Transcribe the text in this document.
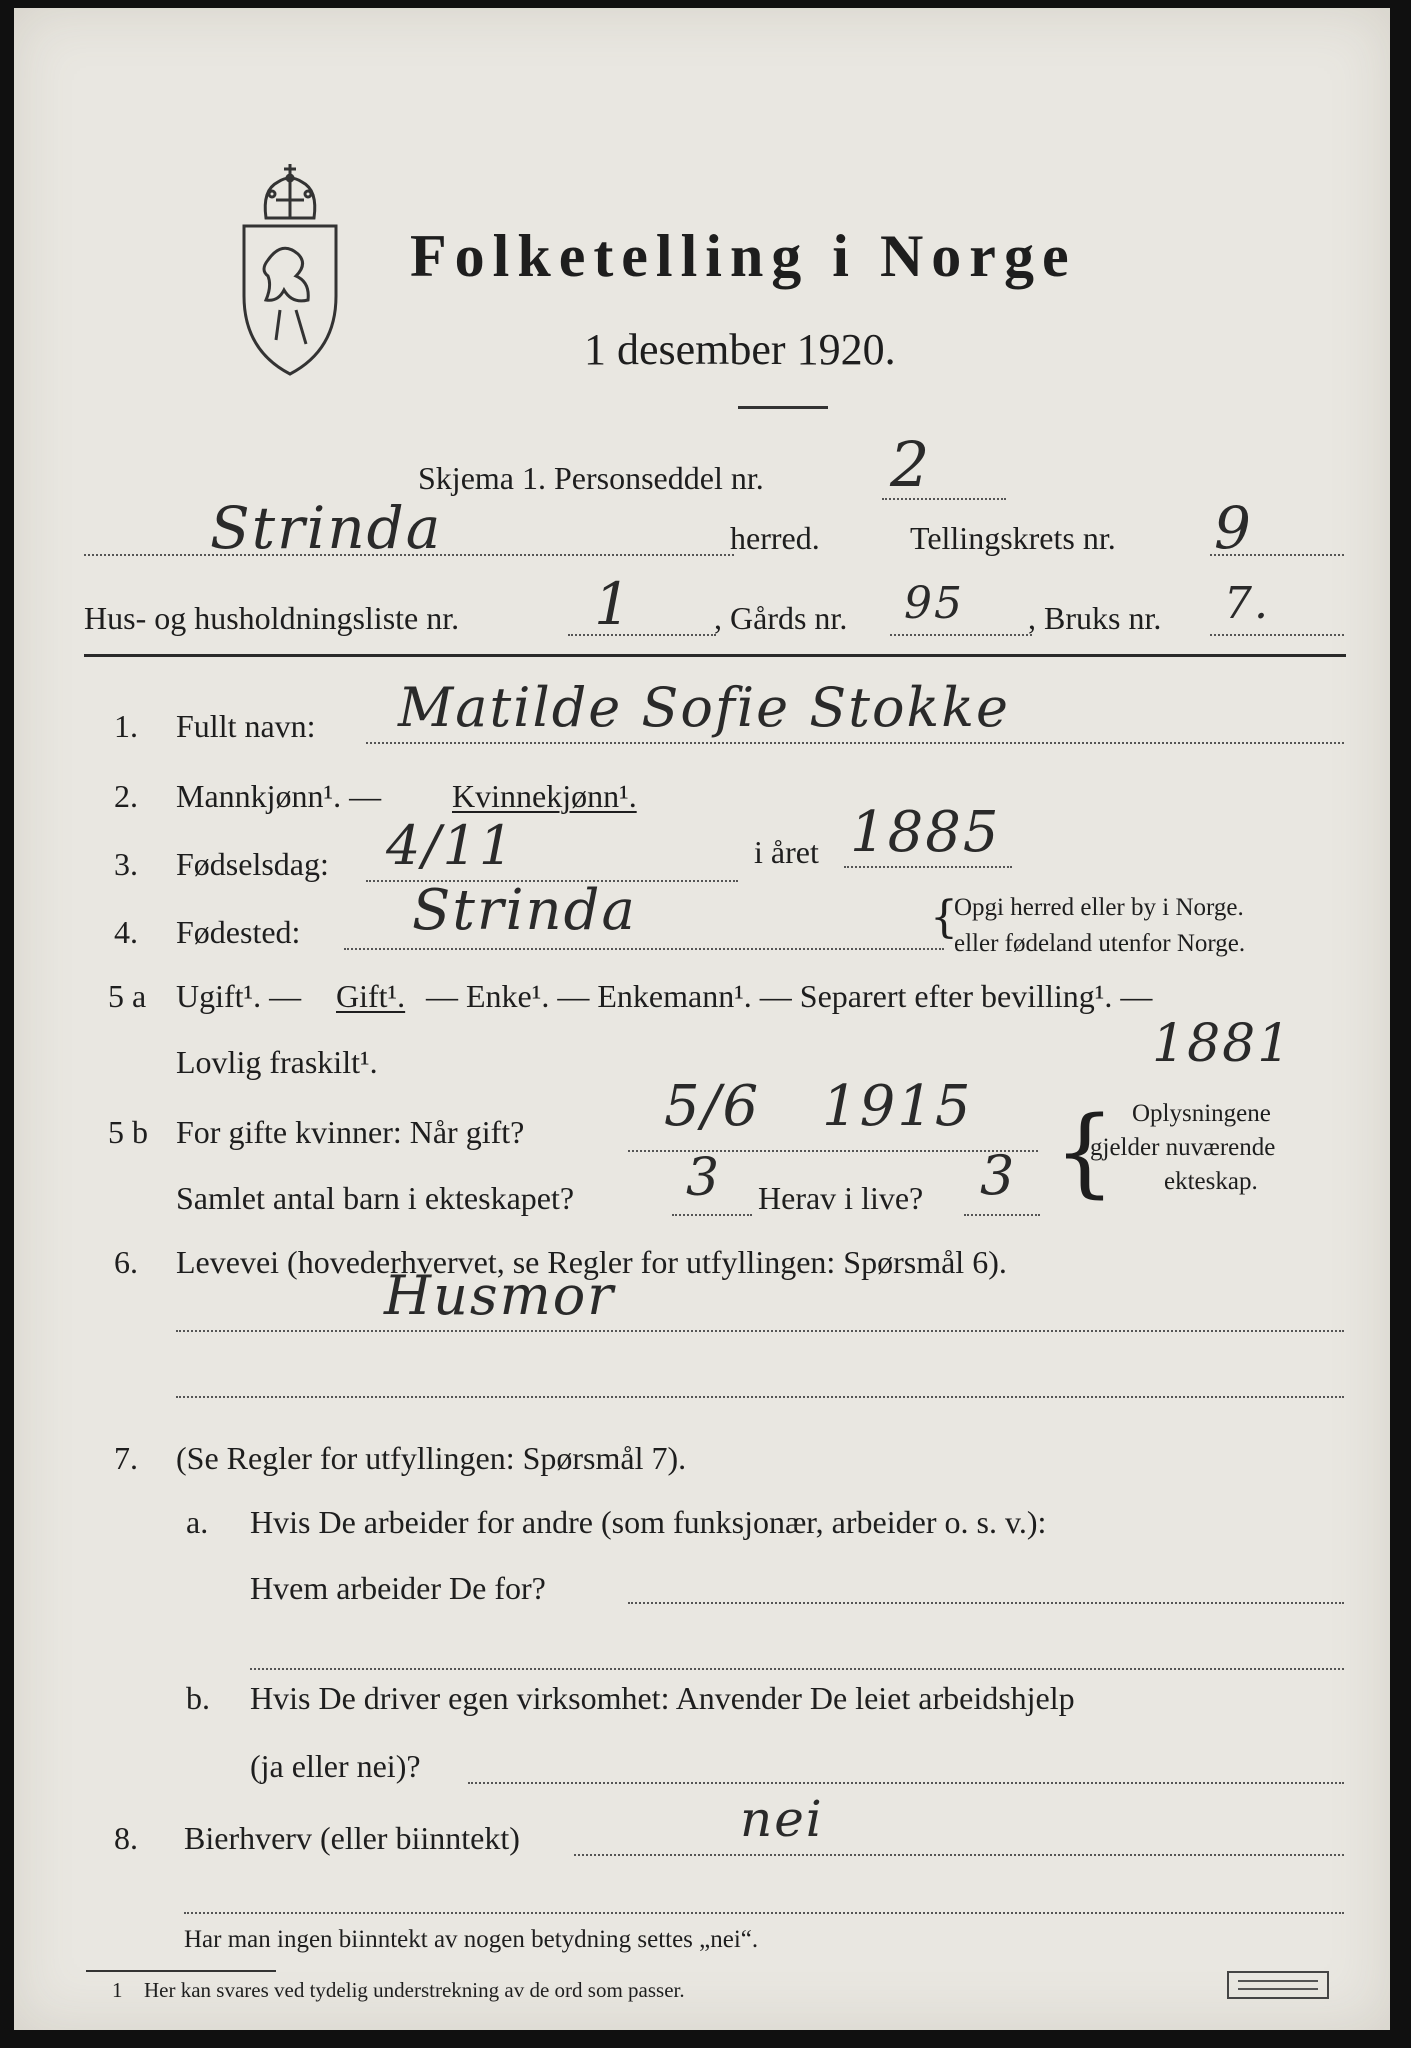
Folketelling i Norge
1 desember 1920.
Skjema 1. Personseddel nr. 2
Strinda	herred.	Tellingskrets nr. 9
Hus- og husholdningsliste nr. 1	, Gårds nr. 95 , Bruks nr. 7.
1. Fullt navn: Matilde Sofie Stokke
2. Mannkjønn¹. — Kvinnekjønn¹.
3. Fødselsdag: 4/11	i året 1885
4. Fødested: Strinda	{
Opgi herred eller by i Norge.
eller fødeland utenfor Norge.
5 a Ugift¹. — Gift¹. — Enke¹. — Enkemann¹. — Separert efter bevilling¹. —
Lovlig fraskilt¹.
5 b For gifte kvinner: Når gift? 5/6 1915
1881
Samlet antal barn i ekteskapet? 3 Herav i live? 3 { Oplysningene
gjelder nuværende
ekteskap.
6. Levevei (hovederhvervet, se Regler for utfyllingen: Spørsmål 6).
Husmor
7. (Se Regler for utfyllingen: Spørsmål 7).
a. Hvis De arbeider for andre (som funksjonær, arbeider o. s. v.):
Hvem arbeider De for?
b. Hvis De driver egen virksomhet: Anvender De leiet arbeidshjelp
(ja eller nei)?
8. Bierhverv (eller biinntekt)	nei
Har man ingen biinntekt av nogen betydning settes „nei“.
1 Her kan svares ved tydelig understrekning av de ord som passer.
